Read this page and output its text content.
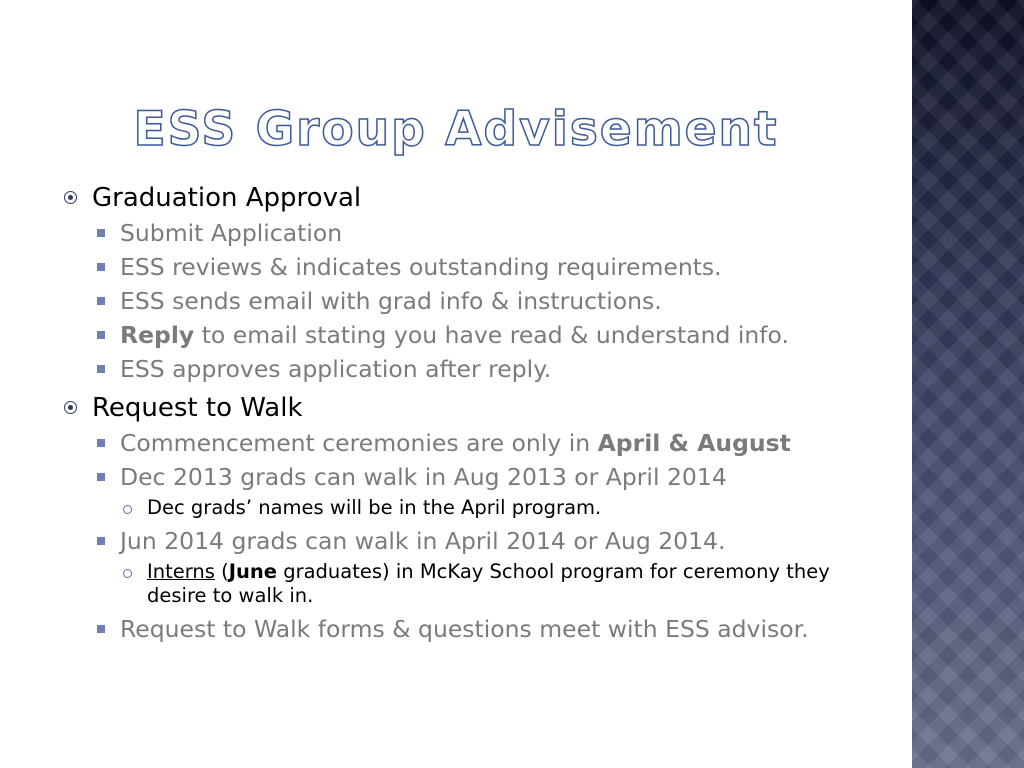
ESS Group Advisement
Graduation Approval
Submit Application
ESS reviews & indicates outstanding requirements.
ESS sends email with grad info & instructions.
Reply to email stating you have read & understand info.
ESS approves application after reply.
Request to Walk
Commencement ceremonies are only in April & August
Dec 2013 grads can walk in Aug 2013 or April 2014
Dec grads’ names will be in the April program.
Jun 2014 grads can walk in April 2014 or Aug 2014.
Interns (June graduates) in McKay School program for ceremony they desire to walk in.
Request to Walk forms & questions meet with ESS advisor.
